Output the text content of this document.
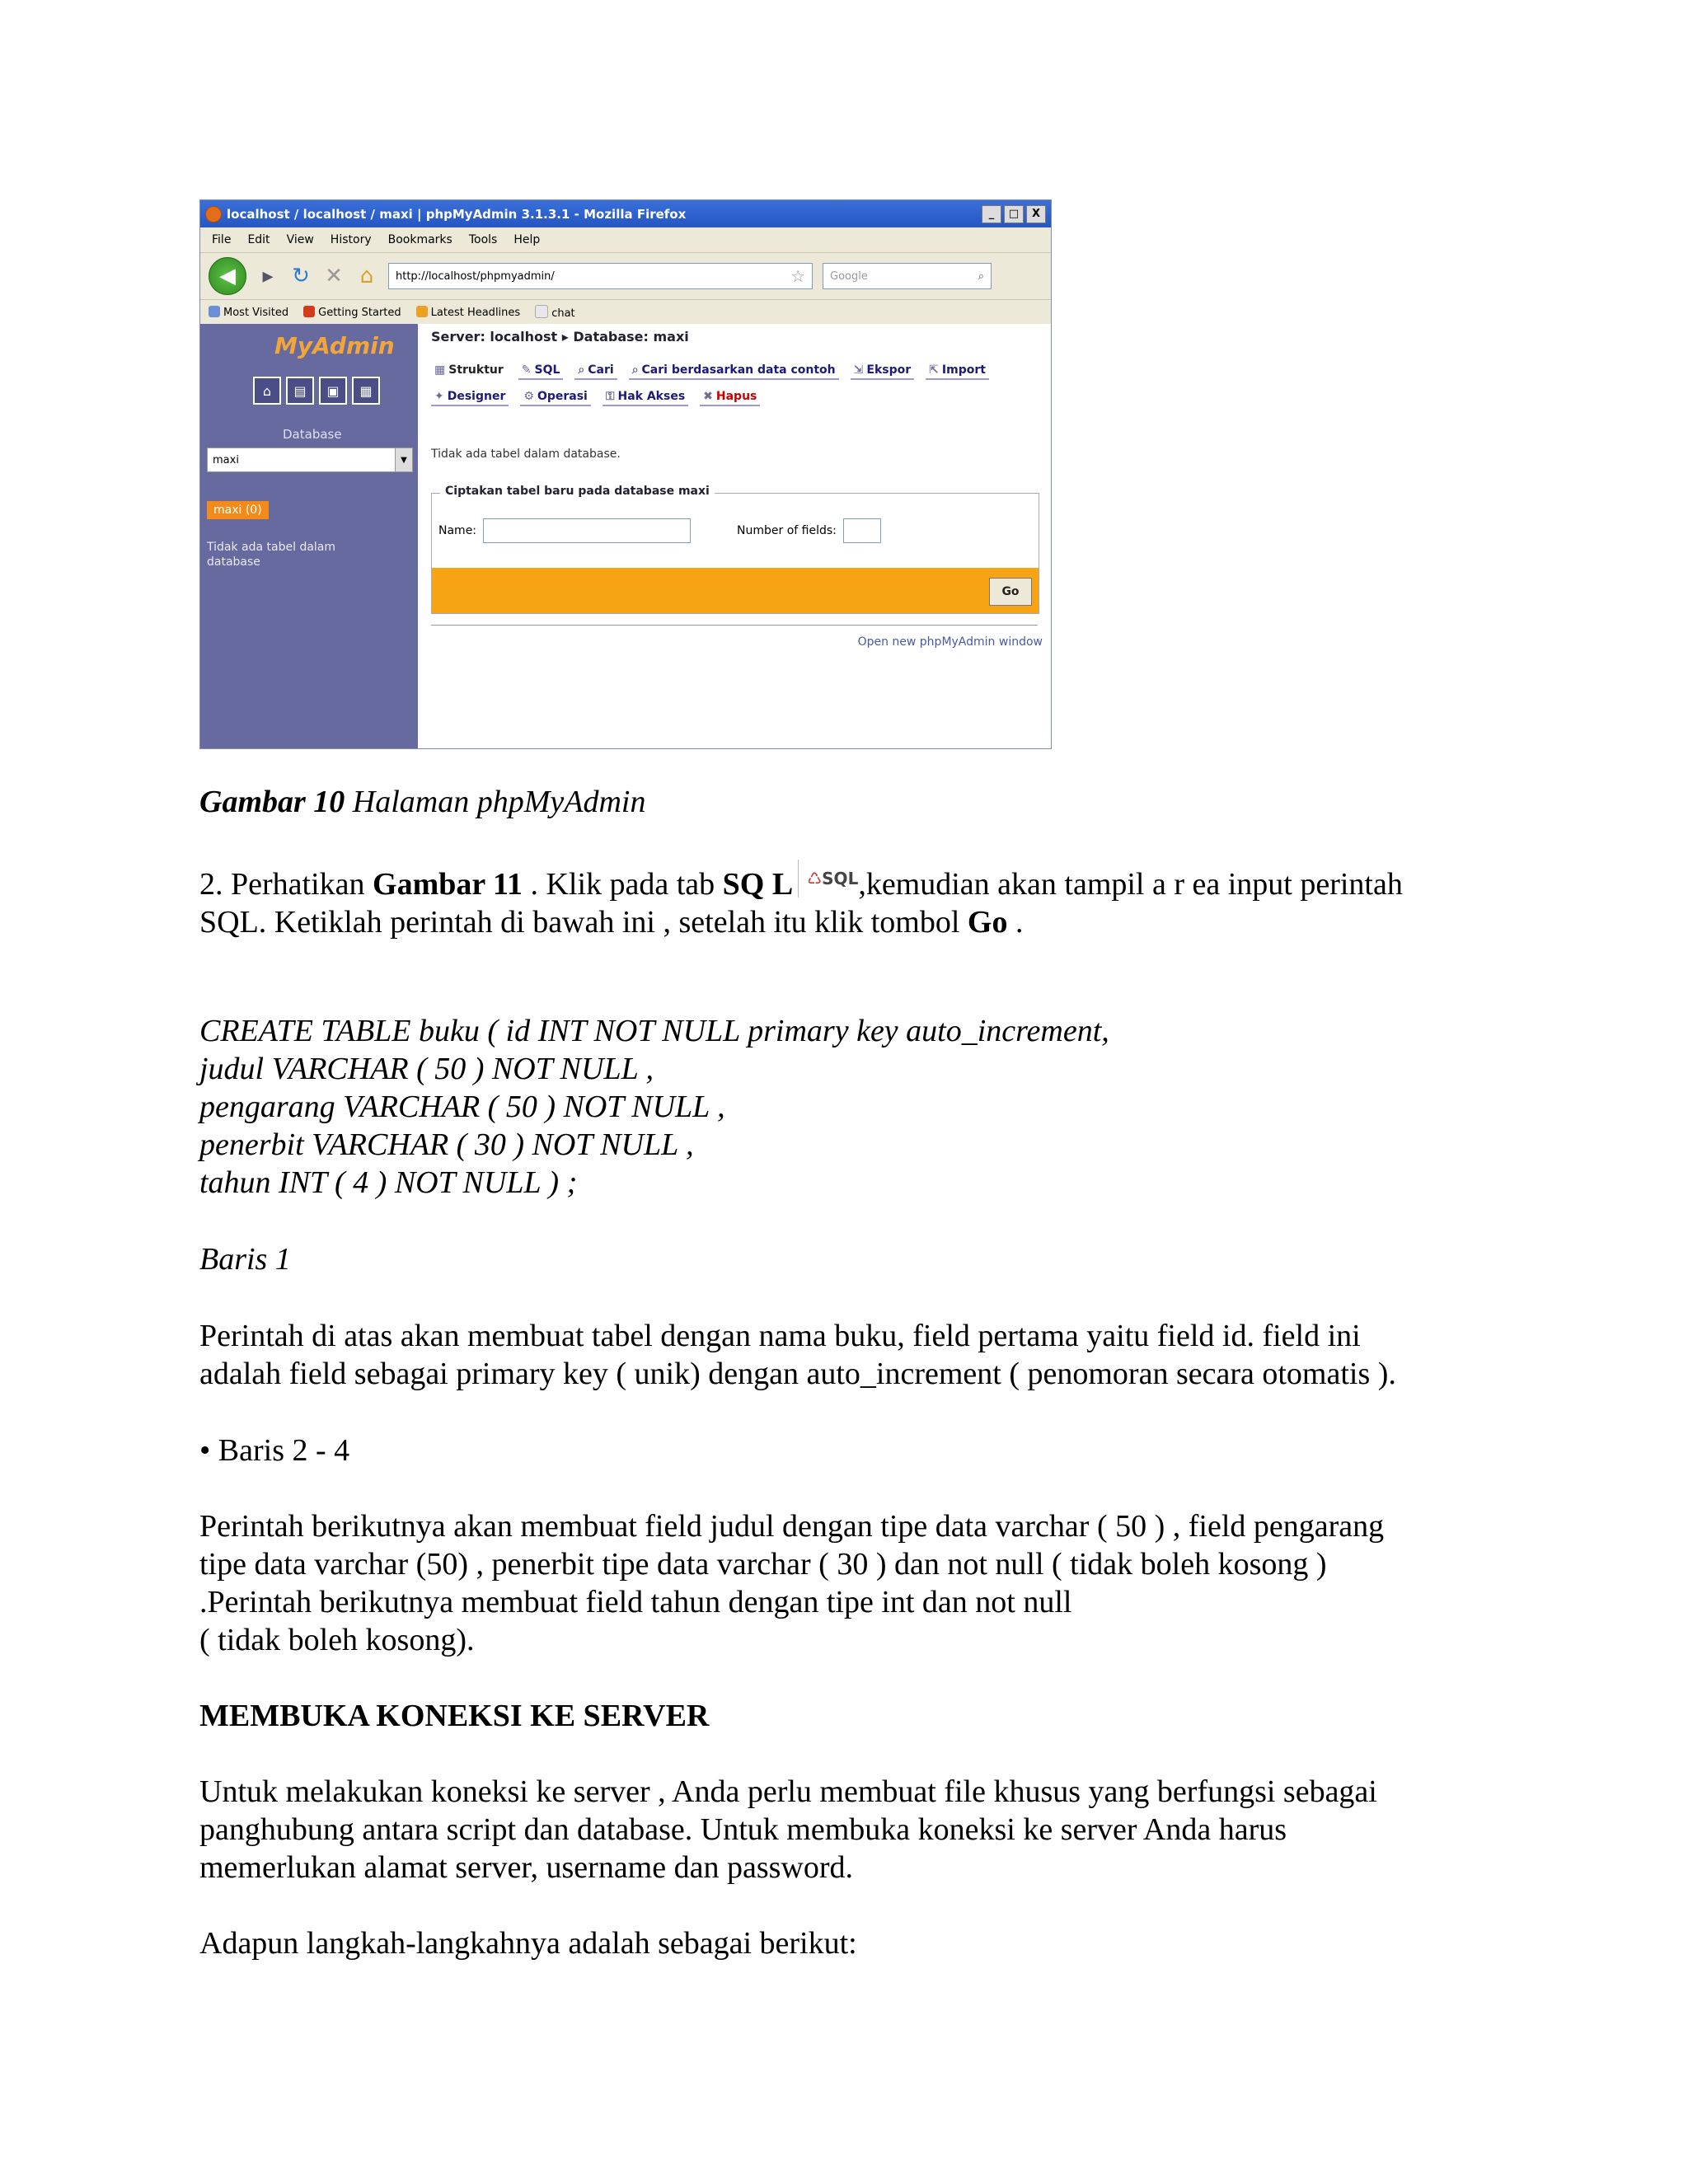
localhost / localhost / maxi | phpMyAdmin 3.1.3.1 - Mozilla Firefox	_	□	X
File Edit View History Bookmarks Tools Help
◀	▸ ↻ ✕ ⌂	http://localhost/phpmyadmin/	☆ Google	⌕
Most Visited	Getting Started	Latest Headlines	chat
MyAdmin
⌂	▤	▣	▦
Database
maxi	▼
maxi (0)
Tidak ada tabel dalam database
Server: localhost ▸ Database: maxi
▦ Struktur ✎ SQL ⌕ Cari ⌕ Cari berdasarkan data contoh ⇲ Ekspor ⇱ Import
✦ Designer ⚙ Operasi ⚿ Hak Akses ✖ Hapus
Tidak ada tabel dalam database.
Ciptakan tabel baru pada database maxi
Name:	Number of fields:
Go
Open new phpMyAdmin window
Gambar 10 Halaman phpMyAdmin
2. Perhatikan Gambar 11 . Klik pada tab SQ L ♺SQL,kemudian akan tampil a r ea input perintah
SQL. Ketiklah perintah di bawah ini , setelah itu klik tombol Go .
CREATE TABLE buku ( id INT NOT NULL primary key auto_increment,
judul VARCHAR ( 50 ) NOT NULL ,
pengarang VARCHAR ( 50 ) NOT NULL ,
penerbit VARCHAR ( 30 ) NOT NULL ,
tahun INT ( 4 ) NOT NULL ) ;
Baris 1
Perintah di atas akan membuat tabel dengan nama buku, field pertama yaitu field id. field ini
adalah field sebagai primary key ( unik) dengan auto_increment ( penomoran secara otomatis ).
• Baris 2 - 4
Perintah berikutnya akan membuat field judul dengan tipe data varchar ( 50 ) , field pengarang
tipe data varchar (50) , penerbit tipe data varchar ( 30 ) dan not null ( tidak boleh kosong )
.Perintah berikutnya membuat field tahun dengan tipe int dan not null
( tidak boleh kosong).
MEMBUKA KONEKSI KE SERVER
Untuk melakukan koneksi ke server , Anda perlu membuat file khusus yang berfungsi sebagai
panghubung antara script dan database. Untuk membuka koneksi ke server Anda harus
memerlukan alamat server, username dan password.
Adapun langkah-langkahnya adalah sebagai berikut:
